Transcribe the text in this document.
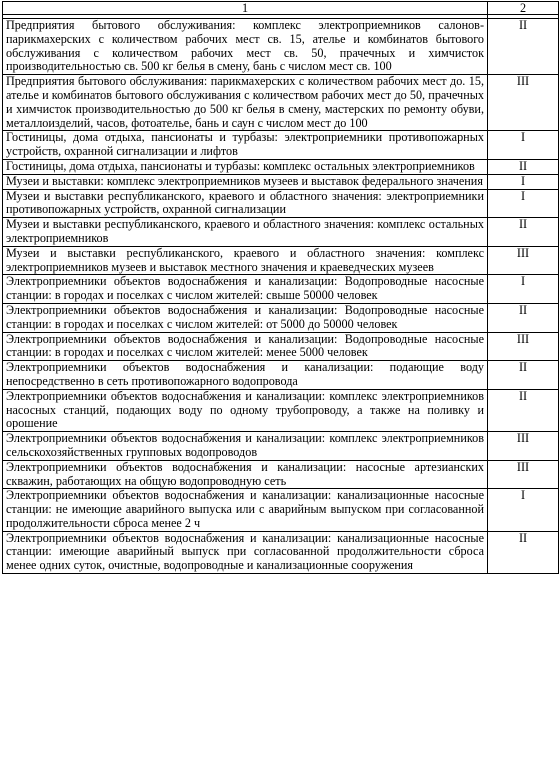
1	2

Предприятия бытового обслуживания: комплекс электроприемников салонов-парикмахерских с количеством рабочих мест св. 15, ателье и комбинатов бытового обслуживания с количеством рабочих мест св. 50, прачечных и химчисток производительностью св. 500 кг белья в смену, бань с числом мест св. 100	II
Предприятия бытового обслуживания: парикмахерских с количеством рабочих мест до. 15, ателье и комбинатов бытового обслуживания с количеством рабочих мест до 50, прачечных и химчисток производительностью до 500 кг белья в смену, мастерских по ремонту обуви, металлоизделий, часов, фотоателье, бань и саун с числом мест до 100	III
Гостиницы, дома отдыха, пансионаты и турбазы: электроприемники противопожарных устройств, охранной сигнализации и лифтов	I
Гостиницы, дома отдыха, пансионаты и турбазы: комплекс остальных электроприемников	II
Музеи и выставки: комплекс электроприемников музеев и выставок федерального значения	I
Музеи и выставки республиканского, краевого и областного значения: электроприемники противопожарных устройств, охранной сигнализации	I
Музеи и выставки республиканского, краевого и областного значения: комплекс остальных электроприемников	II
Музеи и выставки республиканского, краевого и областного значения: комплекс электроприемников музеев и выставок местного значения и краеведческих музеев	III
Электроприемники объектов водоснабжения и канализации: Водопроводные насосные станции: в городах и поселках с числом жителей: свыше 50000 человек	I
Электроприемники объектов водоснабжения и канализации: Водопроводные насосные станции: в городах и поселках с числом жителей: от 5000 до 50000 человек	II
Электроприемники объектов водоснабжения и канализации: Водопроводные насосные станции: в городах и поселках с числом жителей: менее 5000 человек	III
Электроприемники объектов водоснабжения и канализации: подающие воду непосредственно в сеть противопожарного водопровода	II
Электроприемники объектов водоснабжения и канализации: комплекс электроприемников насосных станций, подающих воду по одному трубопроводу, а также на поливку и орошение	II
Электроприемники объектов водоснабжения и канализации: комплекс электроприемников сельскохозяйственных групповых водопроводов	III
Электроприемники объектов водоснабжения и канализации: насосные артезианских скважин, работающих на общую водопроводную сеть	III
Электроприемники объектов водоснабжения и канализации: канализационные насосные станции: не имеющие аварийного выпуска или с аварийным выпуском при согласованной продолжительности сброса менее 2 ч	I
Электроприемники объектов водоснабжения и канализации: канализационные насосные станции: имеющие аварийный выпуск при согласованной продолжительности сброса менее одних суток, очистные, водопроводные и канализационные сооружения	II
